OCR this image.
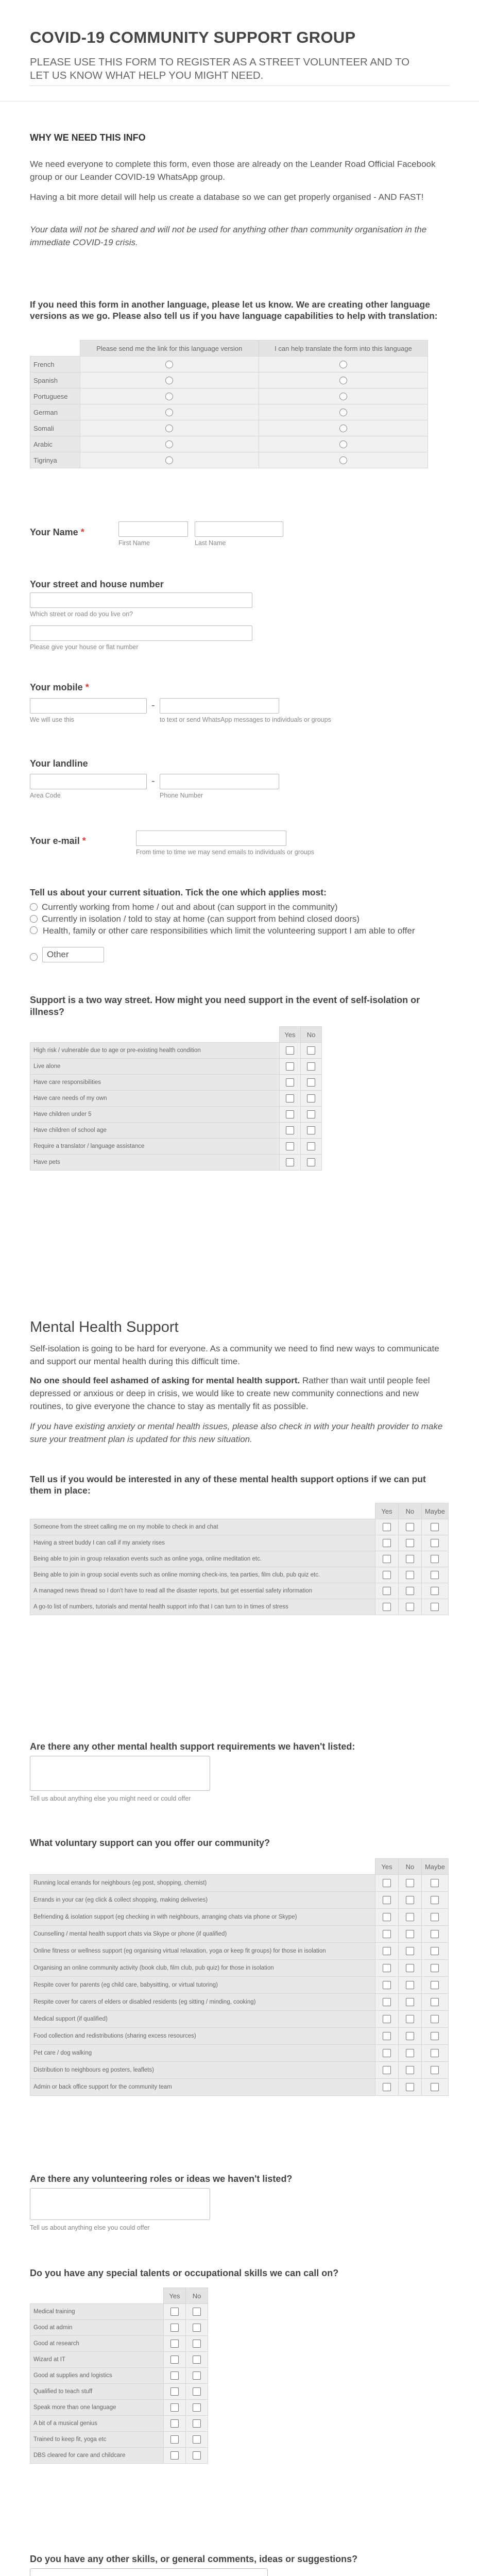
COVID-19 COMMUNITY SUPPORT GROUP
PLEASE USE THIS FORM TO REGISTER AS A STREET VOLUNTEER AND TO LET US KNOW WHAT HELP YOU MIGHT NEED.
WHY WE NEED THIS INFO
We need everyone to complete this form, even those are already on the Leander Road Official Facebook group or our Leander COVID-19 WhatsApp group.
Having a bit more detail will help us create a database so we can get properly organised - AND FAST!
Your data will not be shared and will not be used for anything other than community organisation in the immediate COVID-19 crisis.
If you need this form in another language, please let us know. We are creating other language versions as we go. Please also tell us if you have language capabilities to help with translation:
	Please send me the link for this language version	I can help translate the form into this language
French		
Spanish		
Portuguese		
German		
Somali		
Arabic		
Tigrinya		
Your Name *
First Name	Last Name
Your street and house number
Which street or road do you live on?
Please give your house or flat number
Your mobile *
-
We will use this	to text or send WhatsApp messages to individuals or groups
Your landline
-
Area Code	Phone Number
Your e-mail *
From time to time we may send emails to individuals or groups
Tell us about your current situation. Tick the one which applies most:
Currently working from home / out and about (can support in the community)
Currently in isolation / told to stay at home (can support from behind closed doors)
Health, family or other care responsibilities which limit the volunteering support I am able to offer
Other
Support is a two way street. How might you need support in the event of self-isolation or illness?
	Yes	No
High risk / vulnerable due to age or pre-existing health condition		
Live alone		
Have care responsibilities		
Have care needs of my own		
Have children under 5		
Have children of school age		
Require a translator / language assistance		
Have pets		
Mental Health Support
Self-isolation is going to be hard for everyone. As a community we need to find new ways to communicate and support our mental health during this difficult time.
No one should feel ashamed of asking for mental health support. Rather than wait until people feel depressed or anxious or deep in crisis, we would like to create new community connections and new routines, to give everyone the chance to stay as mentally fit as possible.
If you have existing anxiety or mental health issues, please also check in with your health provider to make sure your treatment plan is updated for this new situation.
Tell us if you would be interested in any of these mental health support options if we can put them in place:
	Yes	No	Maybe
Someone from the street calling me on my mobile to check in and chat			
Having a street buddy I can call if my anxiety rises			
Being able to join in group relaxation events such as online yoga, online meditation etc.			
Being able to join in group social events such as online morning check-ins, tea parties, film club, pub quiz etc.			
A managed news thread so I don't have to read all the disaster reports, but get essential safety information			
A go-to list of numbers, tutorials and mental health support info that I can turn to in times of stress			
Are there any other mental health support requirements we haven't listed:
Tell us about anything else you might need or could offer
What voluntary support can you offer our community?
	Yes	No	Maybe
Running local errands for neighbours (eg post, shopping, chemist)			
Errands in your car (eg click & collect shopping, making deliveries)			
Befriending & isolation support (eg checking in with neighbours, arranging chats via phone or Skype)			
Counselling / mental health support chats via Skype or phone (if qualified)			
Online fitness or wellness support (eg organising virtual relaxation, yoga or keep fit groups) for those in isolation			
Organising an online community activity (book club, film club, pub quiz) for those in isolation			
Respite cover for parents (eg child care, babysitting, or virtual tutoring)			
Respite cover for carers of elders or disabled residents (eg sitting / minding, cooking)			
Medical support (if qualified)			
Food collection and redistributions (sharing excess resources)			
Pet care / dog walking			
Distribution to neighbours eg posters, leaflets)			
Admin or back office support for the community team			
Are there any volunteering roles or ideas we haven't listed?
Tell us about anything else you could offer
Do you have any special talents or occupational skills we can call on?
	Yes	No
Medical training		
Good at admin		
Good at research		
Wizard at IT		
Good at supplies and logistics		
Qualified to teach stuff		
Speak more than one language		
A bit of a musical genius		
Trained to keep fit, yoga etc		
DBS cleared for care and childcare		
Do you have any other skills, or general comments, ideas or suggestions?
